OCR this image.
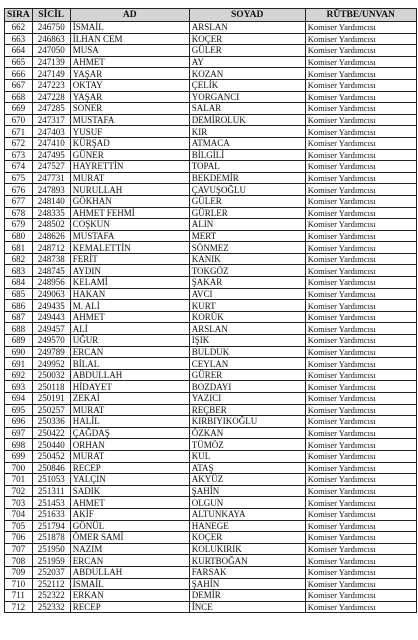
SIRA	SİCİL	AD	SOYAD	RÜTBE/UNVAN
662	246750	İSMAİL	ARSLAN	Komiser Yardımcısı
663	246863	İLHAN CEM	KOÇER	Komiser Yardımcısı
664	247050	MUSA	GÜLER	Komiser Yardımcısı
665	247139	AHMET	AY	Komiser Yardımcısı
666	247149	YAŞAR	KOZAN	Komiser Yardımcısı
667	247223	OKTAY	ÇELİK	Komiser Yardımcısı
668	247228	YAŞAR	YORGANCI	Komiser Yardımcısı
669	247285	SONER	SALAR	Komiser Yardımcısı
670	247317	MUSTAFA	DEMİROLUK	Komiser Yardımcısı
671	247403	YUSUF	KIR	Komiser Yardımcısı
672	247410	KÜRŞAD	ATMACA	Komiser Yardımcısı
673	247495	GÜNER	BİLGİLİ	Komiser Yardımcısı
674	247527	HAYRETTİN	TOPAL	Komiser Yardımcısı
675	247731	MURAT	BEKDEMİR	Komiser Yardımcısı
676	247893	NURULLAH	ÇAVUŞOĞLU	Komiser Yardımcısı
677	248140	GÖKHAN	GÜLER	Komiser Yardımcısı
678	248335	AHMET FEHMİ	GÜRLER	Komiser Yardımcısı
679	248502	COŞKUN	ALIN	Komiser Yardımcısı
680	248626	MUSTAFA	MERT	Komiser Yardımcısı
681	248712	KEMALETTİN	SÖNMEZ	Komiser Yardımcısı
682	248738	FERİT	KANIK	Komiser Yardımcısı
683	248745	AYDIN	TOKGÖZ	Komiser Yardımcısı
684	248956	KELAMİ	ŞAKAR	Komiser Yardımcısı
685	249063	HAKAN	AVCI	Komiser Yardımcısı
686	249435	M. ALİ	KURT	Komiser Yardımcısı
687	249443	AHMET	KORÜK	Komiser Yardımcısı
688	249457	ALİ	ARSLAN	Komiser Yardımcısı
689	249570	UĞUR	IŞIK	Komiser Yardımcısı
690	249789	ERCAN	BULDUK	Komiser Yardımcısı
691	249952	BİLAL	CEYLAN	Komiser Yardımcısı
692	250032	ABDULLAH	GÜRER	Komiser Yardımcısı
693	250118	HİDAYET	BOZDAYI	Komiser Yardımcısı
694	250191	ZEKAİ	YAZICI	Komiser Yardımcısı
695	250257	MURAT	REÇBER	Komiser Yardımcısı
696	250336	HALİL	KIRBIYIKOĞLU	Komiser Yardımcısı
697	250422	ÇAĞDAŞ	ÖZKAN	Komiser Yardımcısı
698	250440	ORHAN	TÜMÖZ	Komiser Yardımcısı
699	250452	MURAT	KUL	Komiser Yardımcısı
700	250846	RECEP	ATAŞ	Komiser Yardımcısı
701	251053	YALÇIN	AKYÜZ	Komiser Yardımcısı
702	251311	SADIK	ŞAHİN	Komiser Yardımcısı
703	251453	AHMET	OLGUN	Komiser Yardımcısı
704	251633	AKİF	ALTUNKAYA	Komiser Yardımcısı
705	251794	GÖNÜL	HANEGE	Komiser Yardımcısı
706	251878	ÖMER SAMİ	KOÇER	Komiser Yardımcısı
707	251950	NAZIM	KOLUKIRIK	Komiser Yardımcısı
708	251959	ERCAN	KURTBOĞAN	Komiser Yardımcısı
709	252037	ABDULLAH	FARSAK	Komiser Yardımcısı
710	252112	İSMAİL	ŞAHİN	Komiser Yardımcısı
711	252322	ERKAN	DEMİR	Komiser Yardımcısı
712	252332	RECEP	İNCE	Komiser Yardımcısı
